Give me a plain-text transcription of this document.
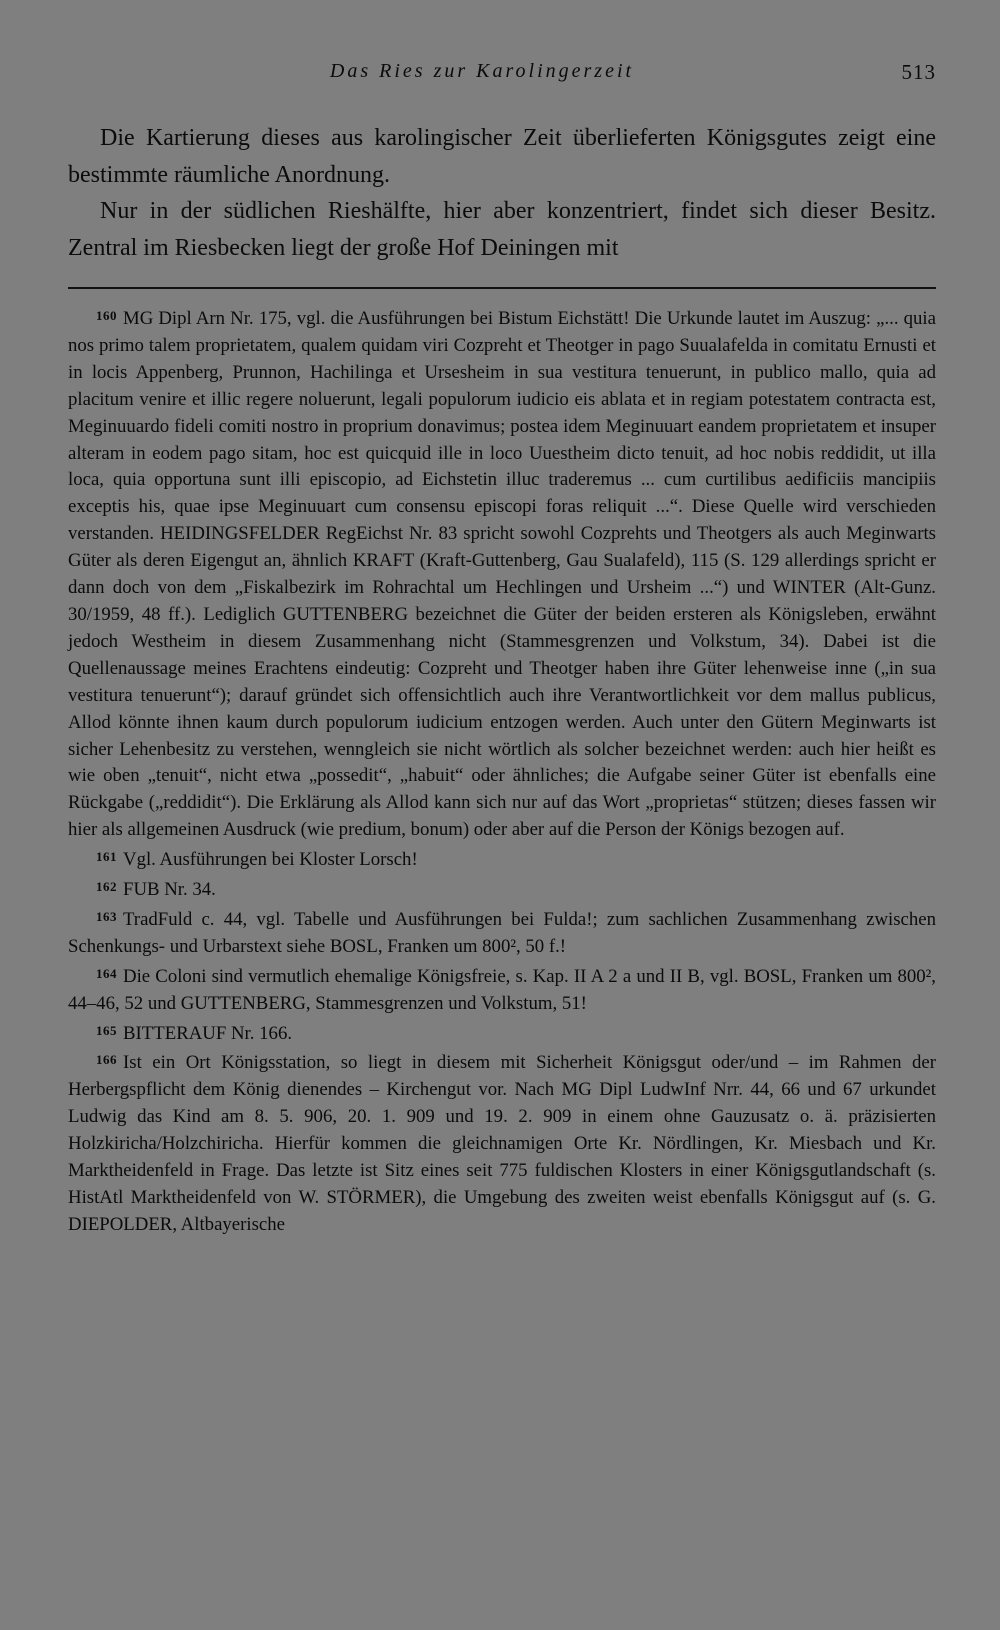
Das Ries zur Karolingerzeit	513

Die Kartierung dieses aus karolingischer Zeit überlieferten Königsgutes zeigt eine bestimmte räumliche Anordnung.

Nur in der südlichen Rieshälfte, hier aber konzentriert, findet sich dieser Besitz. Zentral im Riesbecken liegt der große Hof Deiningen mit

$^{160}$ MG Dipl Arn Nr. 175, vgl. die Ausführungen bei Bistum Eichstätt! Die Urkunde lautet im Auszug: „... quia nos primo talem proprietatem, qualem quidam viri Cozpreht et Theotger in pago Suualafelda in comitatu Ernusti et in locis Appenberg, Prunnon, Hachilinga et Ursesheim in sua vestitura tenuerunt, in publico mallo, quia ad placitum venire et illic regere noluerunt, legali populorum iudicio eis ablata et in regiam potestatem contracta est, Meginuuardo fideli comiti nostro in proprium donavimus; postea idem Meginuuart eandem proprietatem et insuper alteram in eodem pago sitam, hoc est quicquid ille in loco Uuestheim dicto tenuit, ad hoc nobis reddidit, ut illa loca, quia opportuna sunt illi episcopio, ad Eichstetin illuc traderemus ... cum curtilibus aedificiis mancipiis exceptis his, quae ipse Meginuuart cum consensu episcopi foras reliquit ...“. Diese Quelle wird verschieden verstanden. HEIDINGSFELDER RegEichst Nr. 83 spricht sowohl Cozprehts und Theotgers als auch Meginwarts Güter als deren Eigengut an, ähnlich KRAFT (Kraft-Guttenberg, Gau Sualafeld), 115 (S. 129 allerdings spricht er dann doch von dem „Fiskalbezirk im Rohrachtal um Hechlingen und Ursheim ...“) und WINTER (Alt-Gunz. 30/1959, 48 ff.). Lediglich GUTTENBERG bezeichnet die Güter der beiden ersteren als Königsleben, erwähnt jedoch Westheim in diesem Zusammenhang nicht (Stammesgrenzen und Volkstum, 34). Dabei ist die Quellenaussage meines Erachtens eindeutig: Cozpreht und Theotger haben ihre Güter lehenweise inne („in sua vestitura tenuerunt“); darauf gründet sich offensichtlich auch ihre Verantwortlichkeit vor dem mallus publicus, Allod könnte ihnen kaum durch populorum iudicium entzogen werden. Auch unter den Gütern Meginwarts ist sicher Lehenbesitz zu verstehen, wenngleich sie nicht wörtlich als solcher bezeichnet werden: auch hier heißt es wie oben „tenuit“, nicht etwa „possedit“, „habuit“ oder ähnliches; die Aufgabe seiner Güter ist ebenfalls eine Rückgabe („reddidit“). Die Erklärung als Allod kann sich nur auf das Wort „proprietas“ stützen; dieses fassen wir hier als allgemeinen Ausdruck (wie predium, bonum) oder aber auf die Person der Königs bezogen auf.

$^{161}$ Vgl. Ausführungen bei Kloster Lorsch!

$^{162}$ FUB Nr. 34.

$^{163}$ TradFuld c. 44, vgl. Tabelle und Ausführungen bei Fulda!; zum sachlichen Zusammenhang zwischen Schenkungs- und Urbarstext siehe BOSL, Franken um 800², 50 f.!

$^{164}$ Die Coloni sind vermutlich ehemalige Königsfreie, s. Kap. II A 2 a und II B, vgl. BOSL, Franken um 800², 44–46, 52 und GUTTENBERG, Stammesgrenzen und Volkstum, 51!

$^{165}$ BITTERAUF Nr. 166.

$^{166}$ Ist ein Ort Königsstation, so liegt in diesem mit Sicherheit Königsgut oder/und – im Rahmen der Herbergspflicht dem König dienendes – Kirchengut vor. Nach MG Dipl LudwInf Nrr. 44, 66 und 67 urkundet Ludwig das Kind am 8. 5. 906, 20. 1. 909 und 19. 2. 909 in einem ohne Gauzusatz o. ä. präzisierten Holzkiricha/Holzchiricha. Hierfür kommen die gleichnamigen Orte Kr. Nördlingen, Kr. Miesbach und Kr. Marktheidenfeld in Frage. Das letzte ist Sitz eines seit 775 fuldischen Klosters in einer Königsgutlandschaft (s. HistAtl Marktheidenfeld von W. STÖRMER), die Umgebung des zweiten weist ebenfalls Königsgut auf (s. G. DIEPOLDER, Altbayerische
